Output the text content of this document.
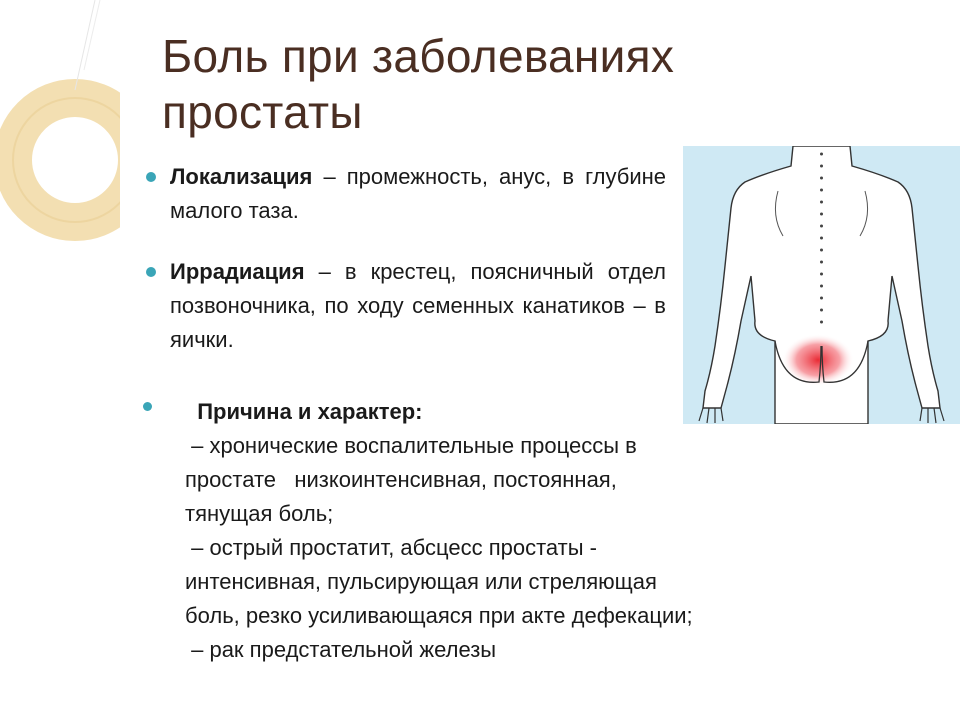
Боль при заболеваниях простаты
Локализация – промежность, анус, в глубине малого таза.
Иррадиация – в крестец, поясничный отдел позвоночника, по ходу семенных канатиков – в яички.
Причина и характер:
– хронические воспалительные процессы в
простате   низкоинтенсивная, постоянная,
тянущая боль;
– острый простатит, абсцесс простаты -
интенсивная, пульсирующая или стреляющая
боль, резко усиливающаяся при акте дефекации;
– рак предстательной железы
